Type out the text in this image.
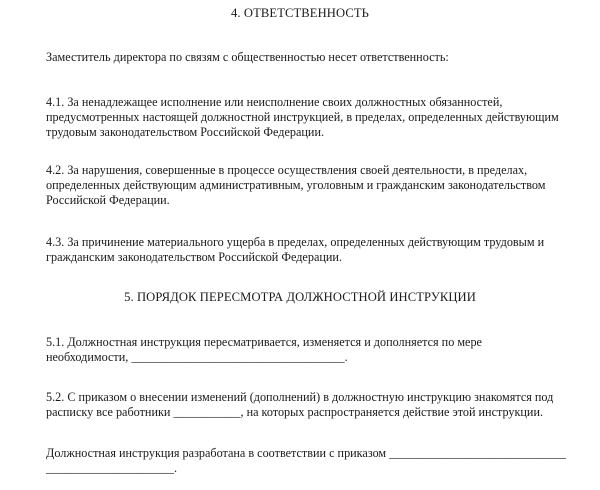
4. ОТВЕТСТВЕННОСТЬ

Заместитель директора по связям с общественностью несет ответственность:

4.1. За ненадлежащее исполнение или неисполнение своих должностных обязанностей,
предусмотренных настоящей должностной инструкцией, в пределах, определенных действующим
трудовым законодательством Российской Федерации.

4.2. За нарушения, совершенные в процессе осуществления своей деятельности, в пределах,
определенных действующим административным, уголовным и гражданским законодательством
Российской Федерации.

4.3. За причинение материального ущерба в пределах, определенных действующим трудовым и
гражданским законодательством Российской Федерации.

5. ПОРЯДОК ПЕРЕСМОТРА ДОЛЖНОСТНОЙ ИНСТРУКЦИИ

5.1. Должностная инструкция пересматривается, изменяется и дополняется по мере
необходимости, ___________________________________.

5.2. С приказом о внесении изменений (дополнений) в должностную инструкцию знакомятся под
расписку все работники ___________, на которых распространяется действие этой инструкции.

Должностная инструкция разработана в соответствии с приказом _____________________________
_____________________.
